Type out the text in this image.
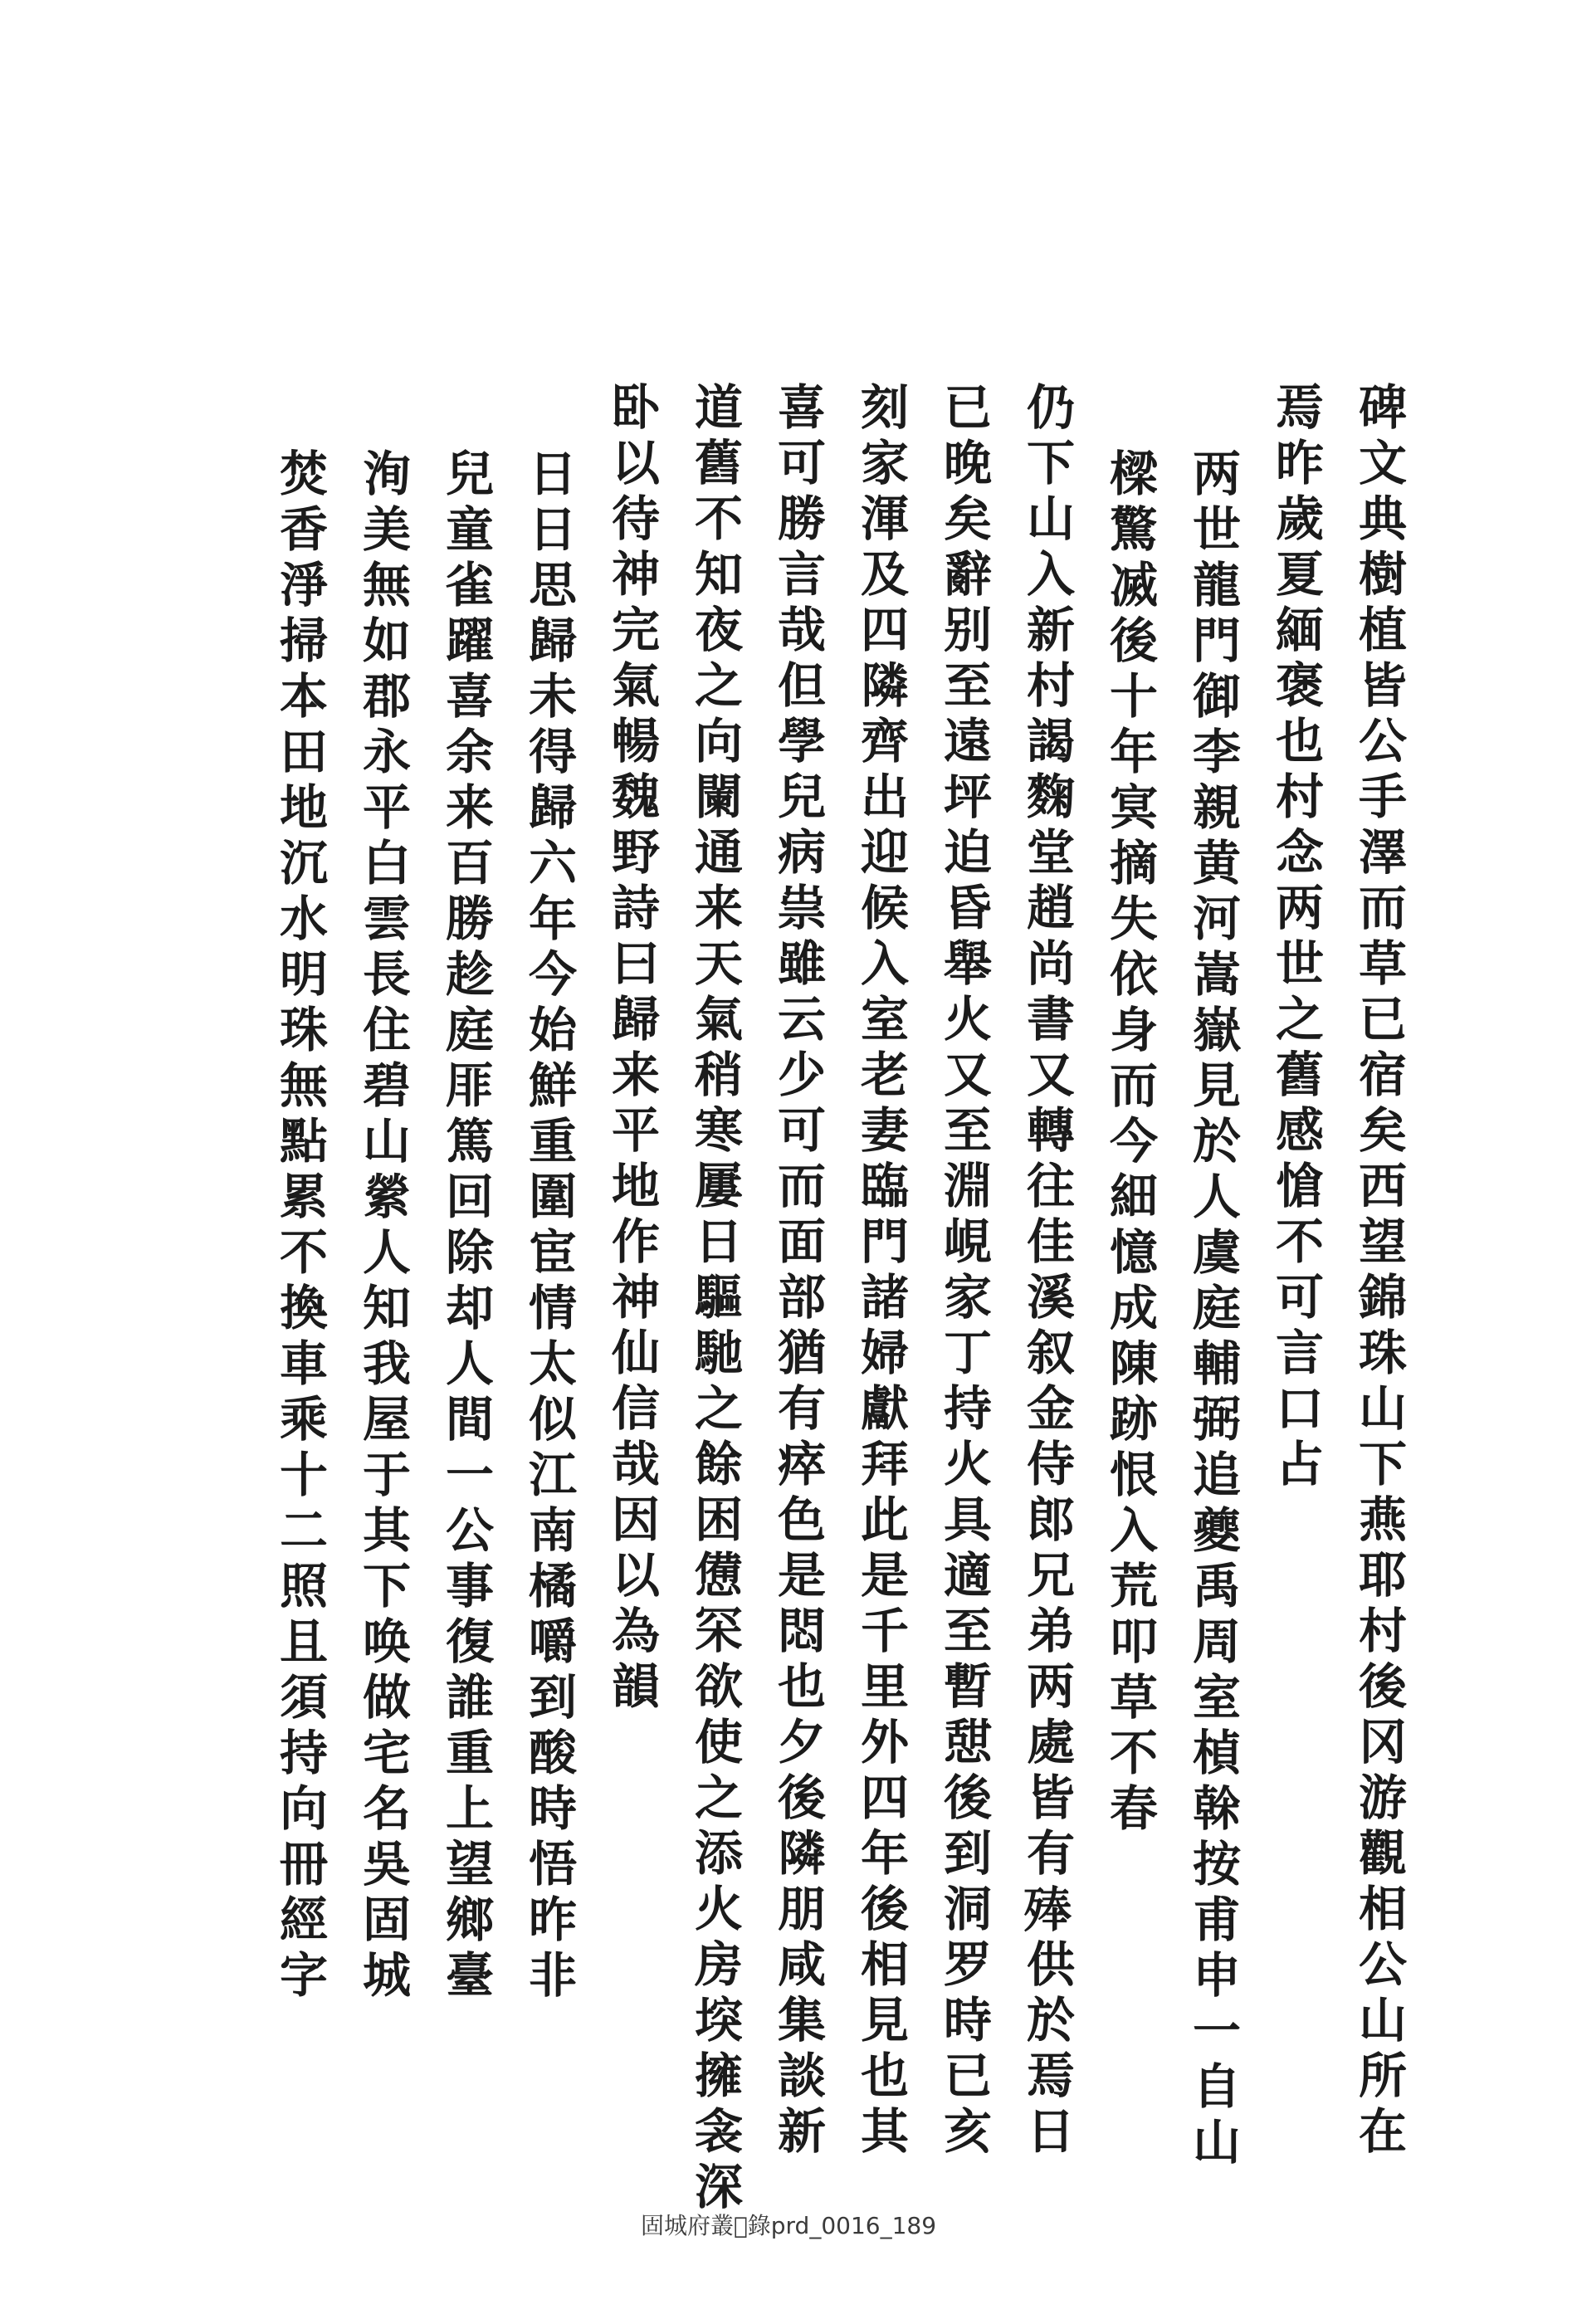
碑文典樹植皆公手澤而草已宿矣西望錦珠山下燕耶村後冈游觀相公山所在
焉昨歲夏緬褒也村念两世之舊感愴不可言口占
两世龍門御李親黄河嵩嶽見於人虞庭輔弼追夔禹周室楨榦按甫申一自山
樑驚㓕後十年㝠摘失依身而今細憶成陳跡恨入荒叩草不春
仍下山入新村謁麴堂趙尚書又轉往佳溪叙金侍郎兄弟两處皆有𣨞供於焉日
已晚矣辭别至遠坪迫昏舉火又至淵峴家丁持火具適至暫憇後到洞罗時已亥
刻家渾及四隣齊出迎候入室老妻臨門諸婦獻拜此是千里外四年後相見也其
喜可勝言哉但學兒病祟雖云少可而面部猶有瘁色是悶也夕後隣朋咸集談新
道舊不知夜之向闌通来天氣稍寒屢日驅馳之餘困憊罙欲使之添火房堗擁衾深
卧以待神完氣暢魏野詩曰歸来平地作神仙信哉因以為韻
日日思歸未得歸六年今始鮮重圍宦情太似江南橘嚼到酸時悟昨非
兒童雀躍喜余来百勝趁庭厞篤回除却人間一公事復誰重上望鄉臺
洵美無如郡永平白雲長住碧山縈人知我屋于其下唤做宅名吳固城
焚香淨掃本田地沉水明珠無點累不換車乘十二照且須持向冊經字
固城府叢𡸇錄prd_0016_189
